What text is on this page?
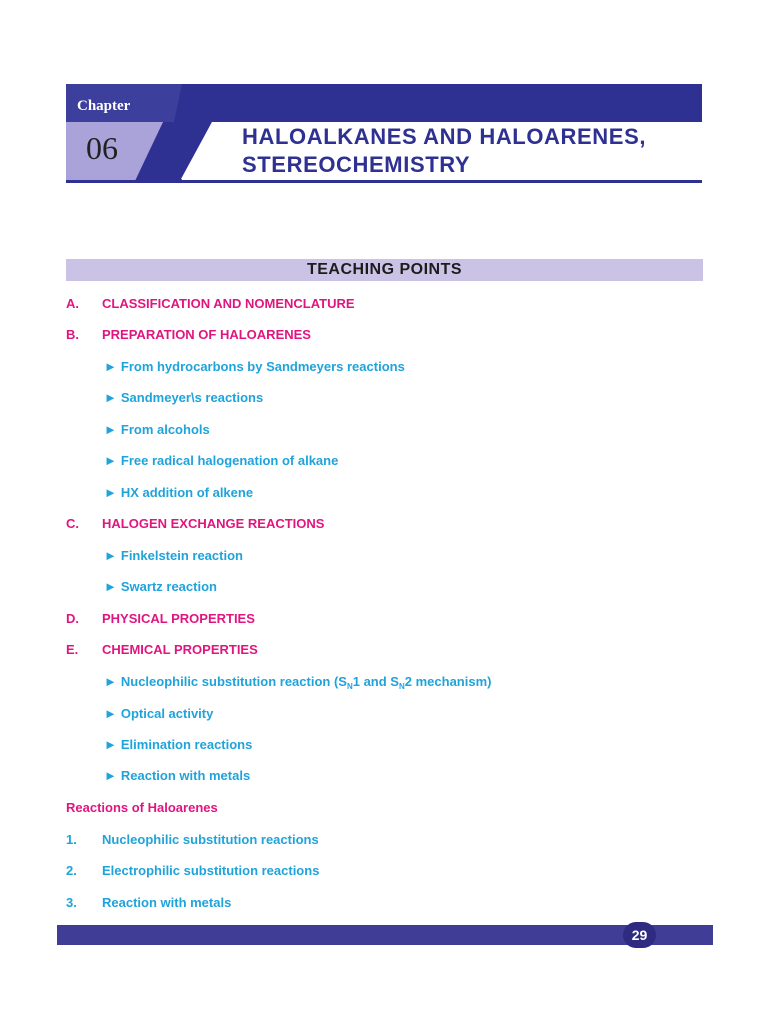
Chapter
06	HALOALKANES AND HALOARENES,
STEREOCHEMISTRY
TEACHING POINTS
A. CLASSIFICATION AND NOMENCLATURE
B. PREPARATION OF HALOARENES
► From hydrocarbons by Sandmeyers reactions
► Sandmeyer\s reactions
► From alcohols
► Free radical halogenation of alkane
► HX addition of alkene
C. HALOGEN EXCHANGE REACTIONS
► Finkelstein reaction
► Swartz reaction
D. PHYSICAL PROPERTIES
E. CHEMICAL PROPERTIES
► Nucleophilic substitution reaction ($S_N1$ and $S_N2$ mechanism)
► Optical activity
► Elimination reactions
► Reaction with metals
Reactions of Haloarenes
1. Nucleophilic substitution reactions
2. Electrophilic substitution reactions
3. Reaction with metals
29
